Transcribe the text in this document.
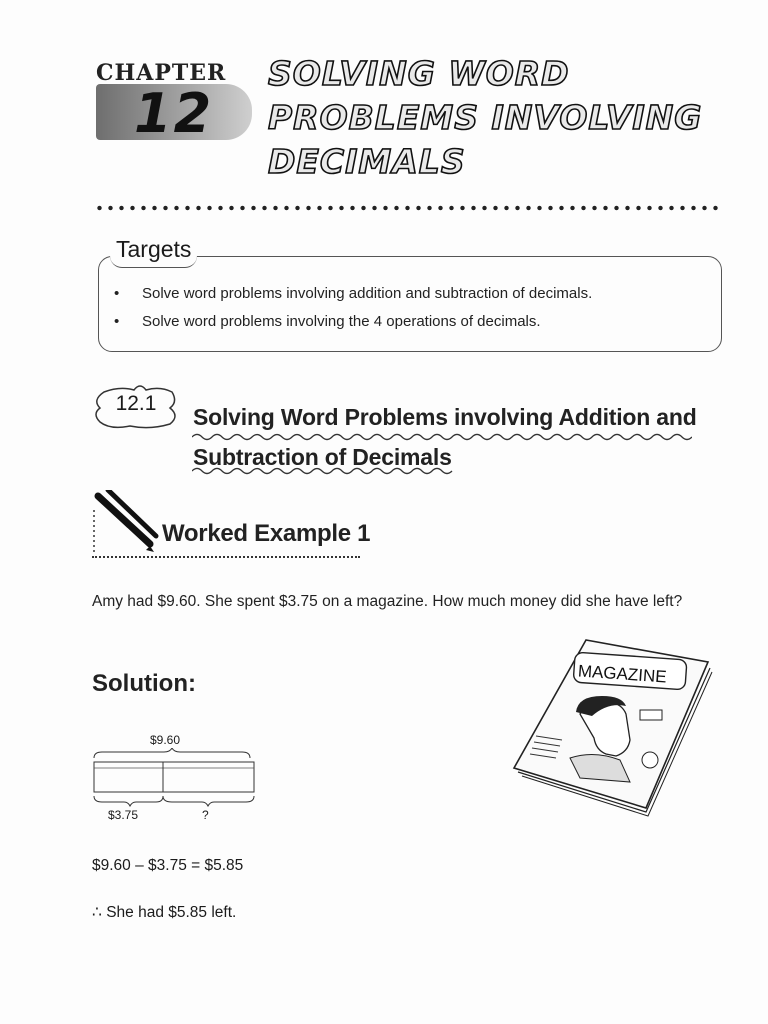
CHAPTER
12
SOLVING WORD
PROBLEMS INVOLVING
DECIMALS
Targets
• Solve word problems involving addition and subtraction of decimals.
• Solve word problems involving the 4 operations of decimals.
12.1
Solving Word Problems involving Addition and
Subtraction of Decimals
Worked Example 1
Amy had $9.60. She spent $3.75 on a magazine. How much money did she have left?
Solution:
$9.60
$3.75	?
$9.60 – $3.75 = $5.85
∴ She had $5.85 left.
MAGAZINE
